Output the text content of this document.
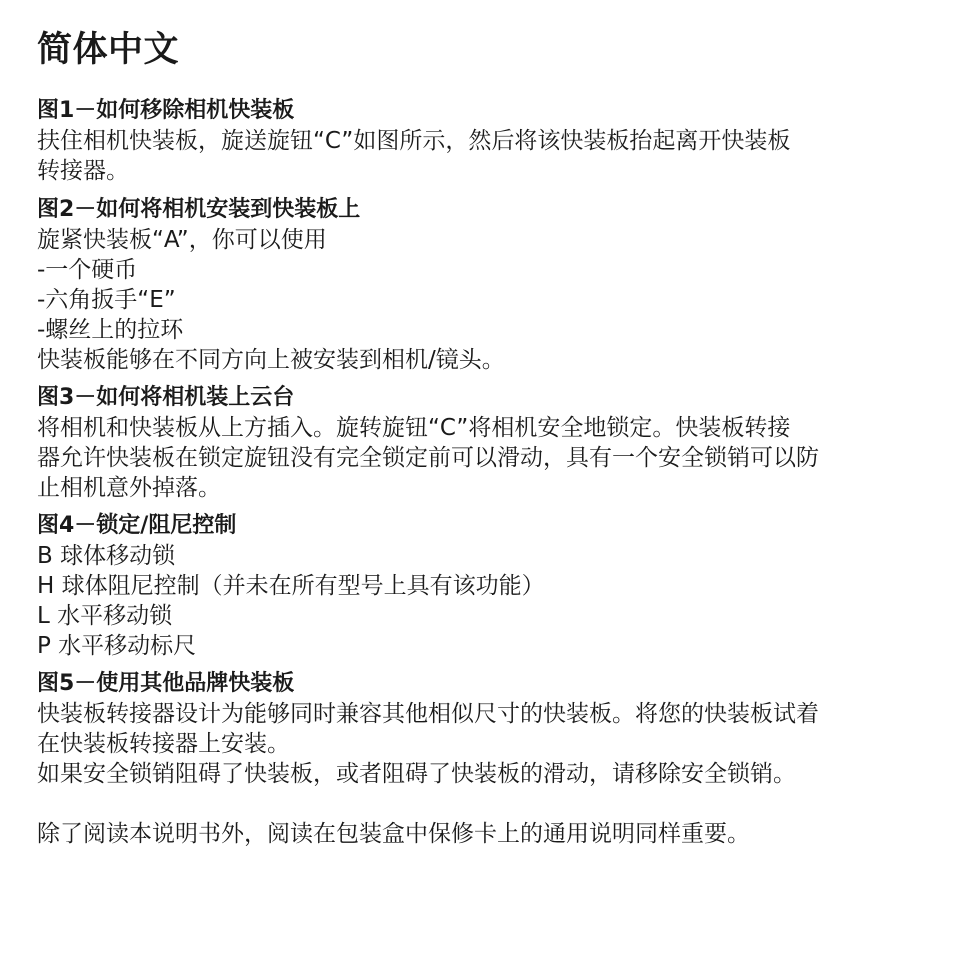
简体中文

图1－如何移除相机快装板

扶住相机快装板，旋送旋钮“C”如图所示，然后将该快装板抬起离开快装板

转接器。

图2－如何将相机安装到快装板上

旋紧快装板“A”，你可以使用

-一个硬币

-六角扳手“E”

-螺丝上的拉环

快装板能够在不同方向上被安装到相机/镜头。

图3－如何将相机装上云台

将相机和快装板从上方插入。旋转旋钮“C”将相机安全地锁定。快装板转接

器允许快装板在锁定旋钮没有完全锁定前可以滑动，具有一个安全锁销可以防

止相机意外掉落。

图4－锁定/阻尼控制

B 球体移动锁

H 球体阻尼控制（并未在所有型号上具有该功能）

L 水平移动锁

P 水平移动标尺

图5－使用其他品牌快装板

快装板转接器设计为能够同时兼容其他相似尺寸的快装板。将您的快装板试着

在快装板转接器上安装。

如果安全锁销阻碍了快装板，或者阻碍了快装板的滑动，请移除安全锁销。

除了阅读本说明书外，阅读在包装盒中保修卡上的通用说明同样重要。
